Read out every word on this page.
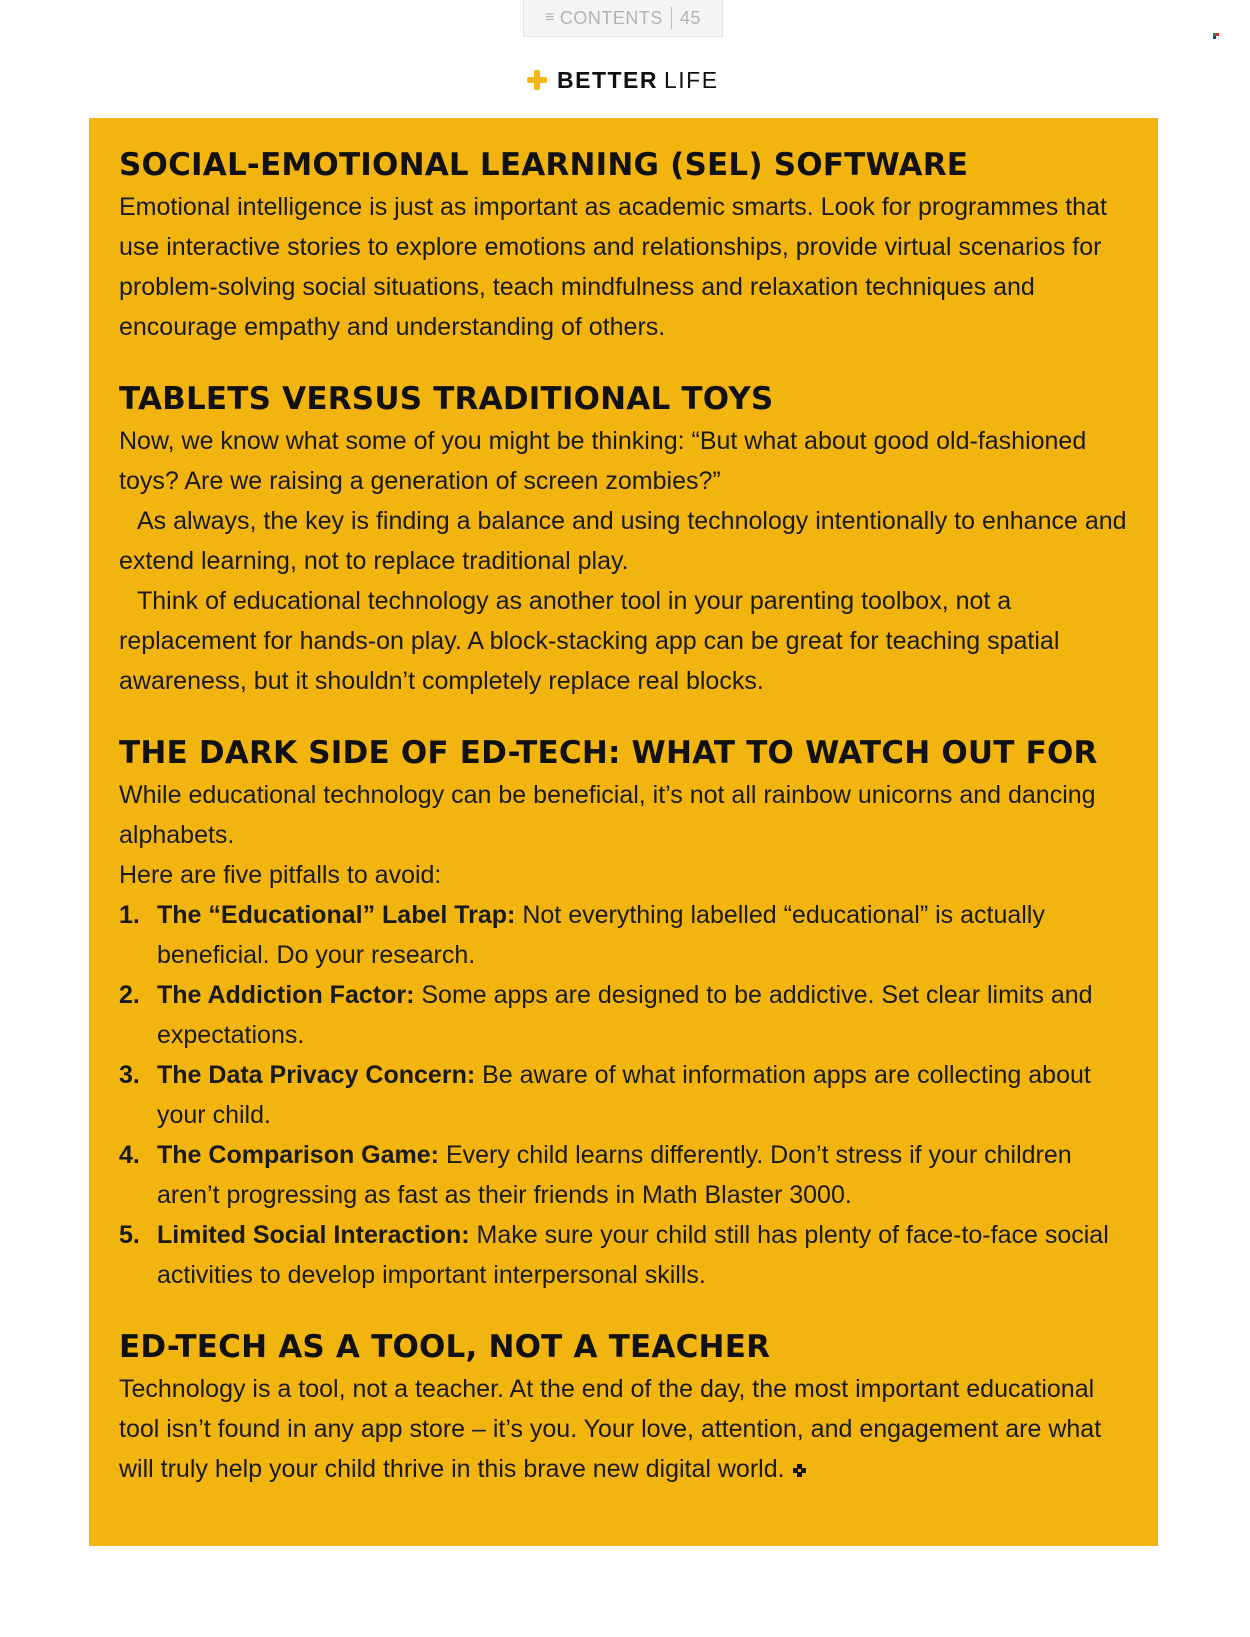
≡ CONTENTS 45
BETTER LIFE
SOCIAL-EMOTIONAL LEARNING (SEL) SOFTWARE

Emotional intelligence is just as important as academic smarts. Look for programmes that use interactive stories to explore emotions and relationships, provide virtual scenarios for problem-solving social situations, teach mindfulness and relaxation techniques and encourage empathy and understanding of others.

TABLETS VERSUS TRADITIONAL TOYS

Now, we know what some of you might be thinking: “But what about good old-fashioned toys? Are we raising a generation of screen zombies?”

As always, the key is finding a balance and using technology intentionally to enhance and extend learning, not to replace traditional play.

Think of educational technology as another tool in your parenting toolbox, not a replacement for hands-on play. A block-stacking app can be great for teaching spatial awareness, but it shouldn’t completely replace real blocks.

THE DARK SIDE OF ED-TECH: WHAT TO WATCH OUT FOR

While educational technology can be beneficial, it’s not all rainbow unicorns and dancing alphabets.

Here are five pitfalls to avoid:

1. The “Educational” Label Trap: Not everything labelled “educational” is actually beneficial. Do your research.
2. The Addiction Factor: Some apps are designed to be addictive. Set clear limits and expectations.
3. The Data Privacy Concern: Be aware of what information apps are collecting about your child.
4. The Comparison Game: Every child learns differently. Don’t stress if your children aren’t progressing as fast as their friends in Math Blaster 3000.
5. Limited Social Interaction: Make sure your child still has plenty of face-to-face social activities to develop important interpersonal skills.
ED-TECH AS A TOOL, NOT A TEACHER

Technology is a tool, not a teacher. At the end of the day, the most important educational tool isn’t found in any app store – it’s you. Your love, attention, and engagement are what will truly help your child thrive in this brave new digital world.
